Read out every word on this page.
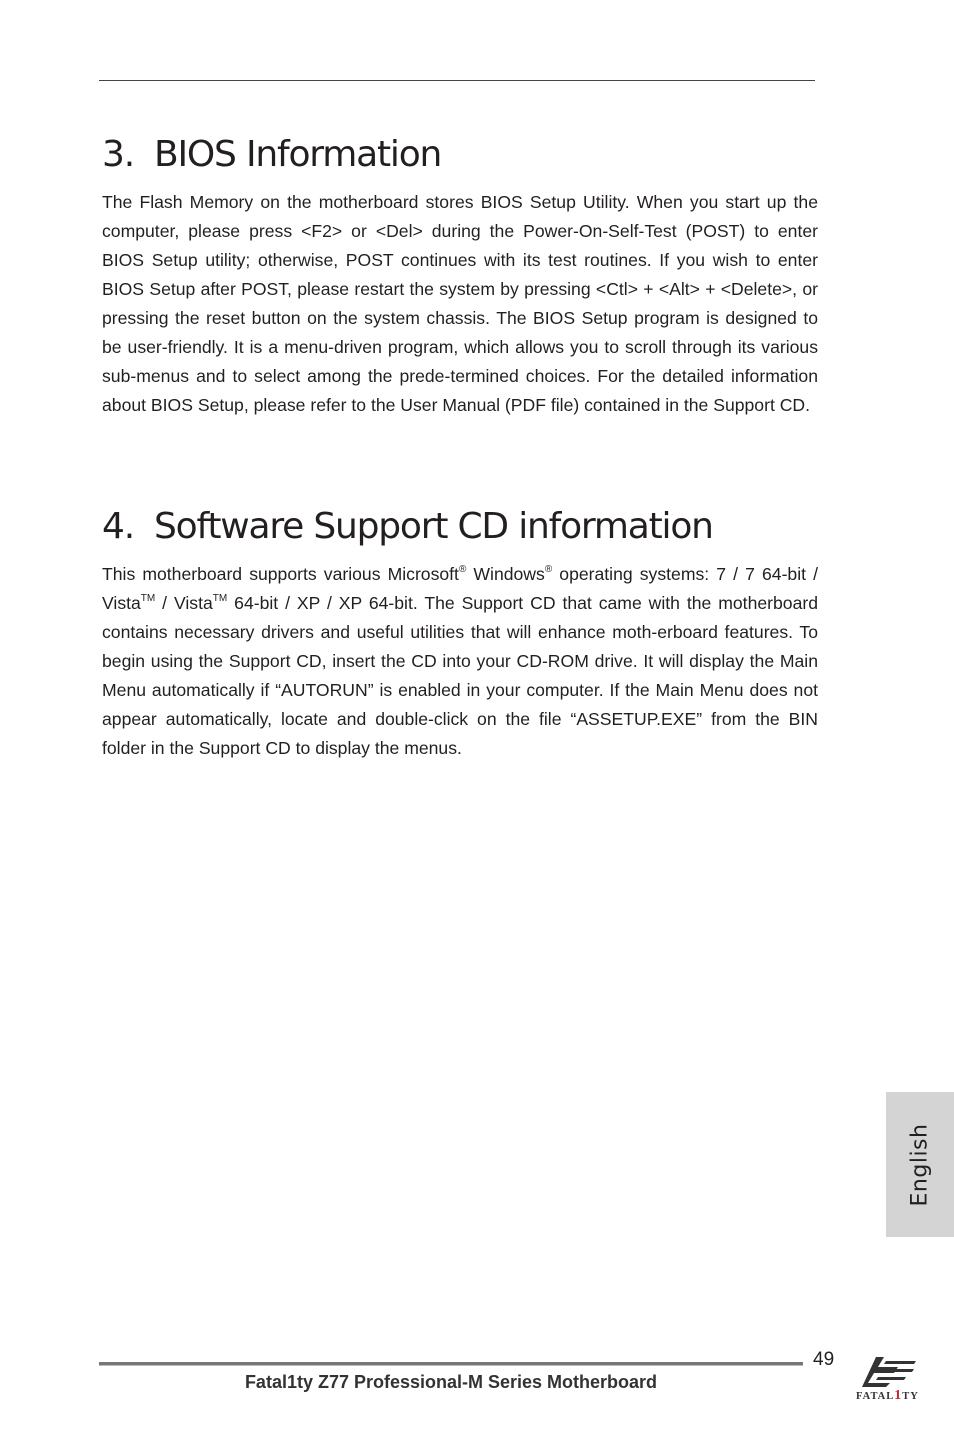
3. BIOS Information

The Flash Memory on the motherboard stores BIOS Setup Utility. When you start up the computer, please press <F2> or <Del> during the Power-On-Self-Test (POST) to enter BIOS Setup utility; otherwise, POST continues with its test routines. If you wish to enter BIOS Setup after POST, please restart the system by pressing <Ctl> + <Alt> + <Delete>, or pressing the reset button on the system chassis. The BIOS Setup program is designed to be user-friendly. It is a menu-driven program, which allows you to scroll through its various sub-menus and to select among the prede-termined choices. For the detailed information about BIOS Setup, please refer to the User Manual (PDF file) contained in the Support CD.

4. Software Support CD information

This motherboard supports various Microsoft® Windows® operating systems: 7 / 7 64-bit / Vista™ / Vista™ 64-bit / XP / XP 64-bit. The Support CD that came with the motherboard contains necessary drivers and useful utilities that will enhance moth-erboard features. To begin using the Support CD, insert the CD into your CD-ROM drive. It will display the Main Menu automatically if “AUTORUN” is enabled in your computer. If the Main Menu does not appear automatically, locate and double-click on the file “ASSETUP.EXE” from the BIN folder in the Support CD to display the menus.

English
49
Fatal1ty Z77 Professional-M Series Motherboard
FATAL1TY
